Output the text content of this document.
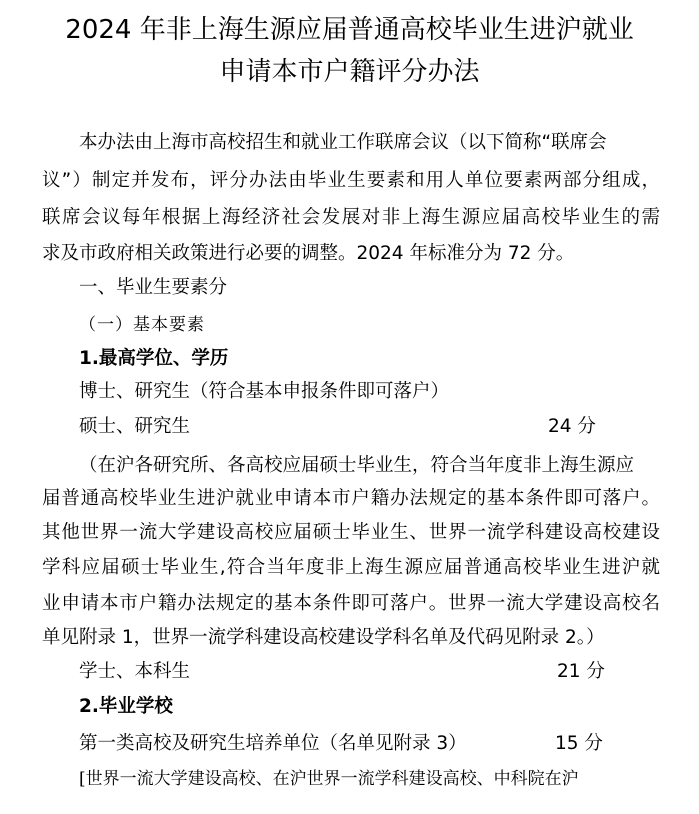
2024 年非上海生源应届普通高校毕业生进沪就业
申请本市户籍评分办法
本办法由上海市高校招生和就业工作联席会议（以下简称“联席会
议”）制定并发布，评分办法由毕业生要素和用人单位要素两部分组成，
联席会议每年根据上海经济社会发展对非上海生源应届高校毕业生的需
求及市政府相关政策进行必要的调整。2024 年标准分为 72 分。
一、毕业生要素分
（一）基本要素
1.最高学位、学历
博士、研究生（符合基本申报条件即可落户）
硕士、研究生	24 分
（在沪各研究所、各高校应届硕士毕业生，符合当年度非上海生源应
届普通高校毕业生进沪就业申请本市户籍办法规定的基本条件即可落户。
其他世界一流大学建设高校应届硕士毕业生、世界一流学科建设高校建设
学科应届硕士毕业生,符合当年度非上海生源应届普通高校毕业生进沪就
业申请本市户籍办法规定的基本条件即可落户。世界一流大学建设高校名
单见附录 1，世界一流学科建设高校建设学科名单及代码见附录 2。）
学士、本科生	21 分
2.毕业学校
第一类高校及研究生培养单位（名单见附录 3）	15 分
[世界一流大学建设高校、在沪世界一流学科建设高校、中科院在沪
